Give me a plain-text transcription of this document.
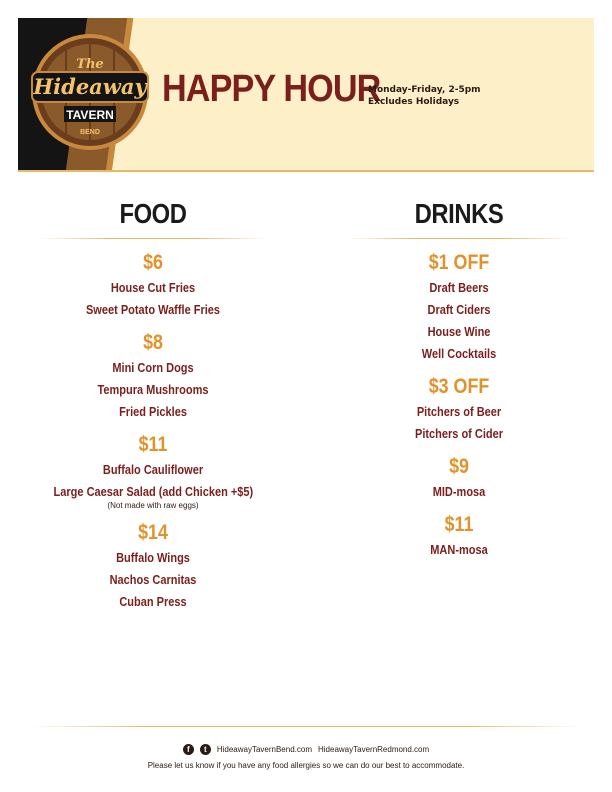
The
Hideaway
TAVERN
BEND
HAPPY HOUR
Monday-Friday, 2-5pm
Excludes Holidays
FOOD
$6
House Cut Fries
Sweet Potato Waffle Fries
$8
Mini Corn Dogs
Tempura Mushrooms
Fried Pickles
$11
Buffalo Cauliflower
Large Caesar Salad (add Chicken +$5)
(Not made with raw eggs)
$14
Buffalo Wings
Nachos Carnitas
Cuban Press
DRINKS
$1 OFF
Draft Beers
Draft Ciders
House Wine
Well Cocktails
$3 OFF
Pitchers of Beer
Pitchers of Cider
$9
MID-mosa
$11
MAN-mosa
f	t	HideawayTavernBend.com HideawayTavernRedmond.com
Please let us know if you have any food allergies so we can do our best to accommodate.
